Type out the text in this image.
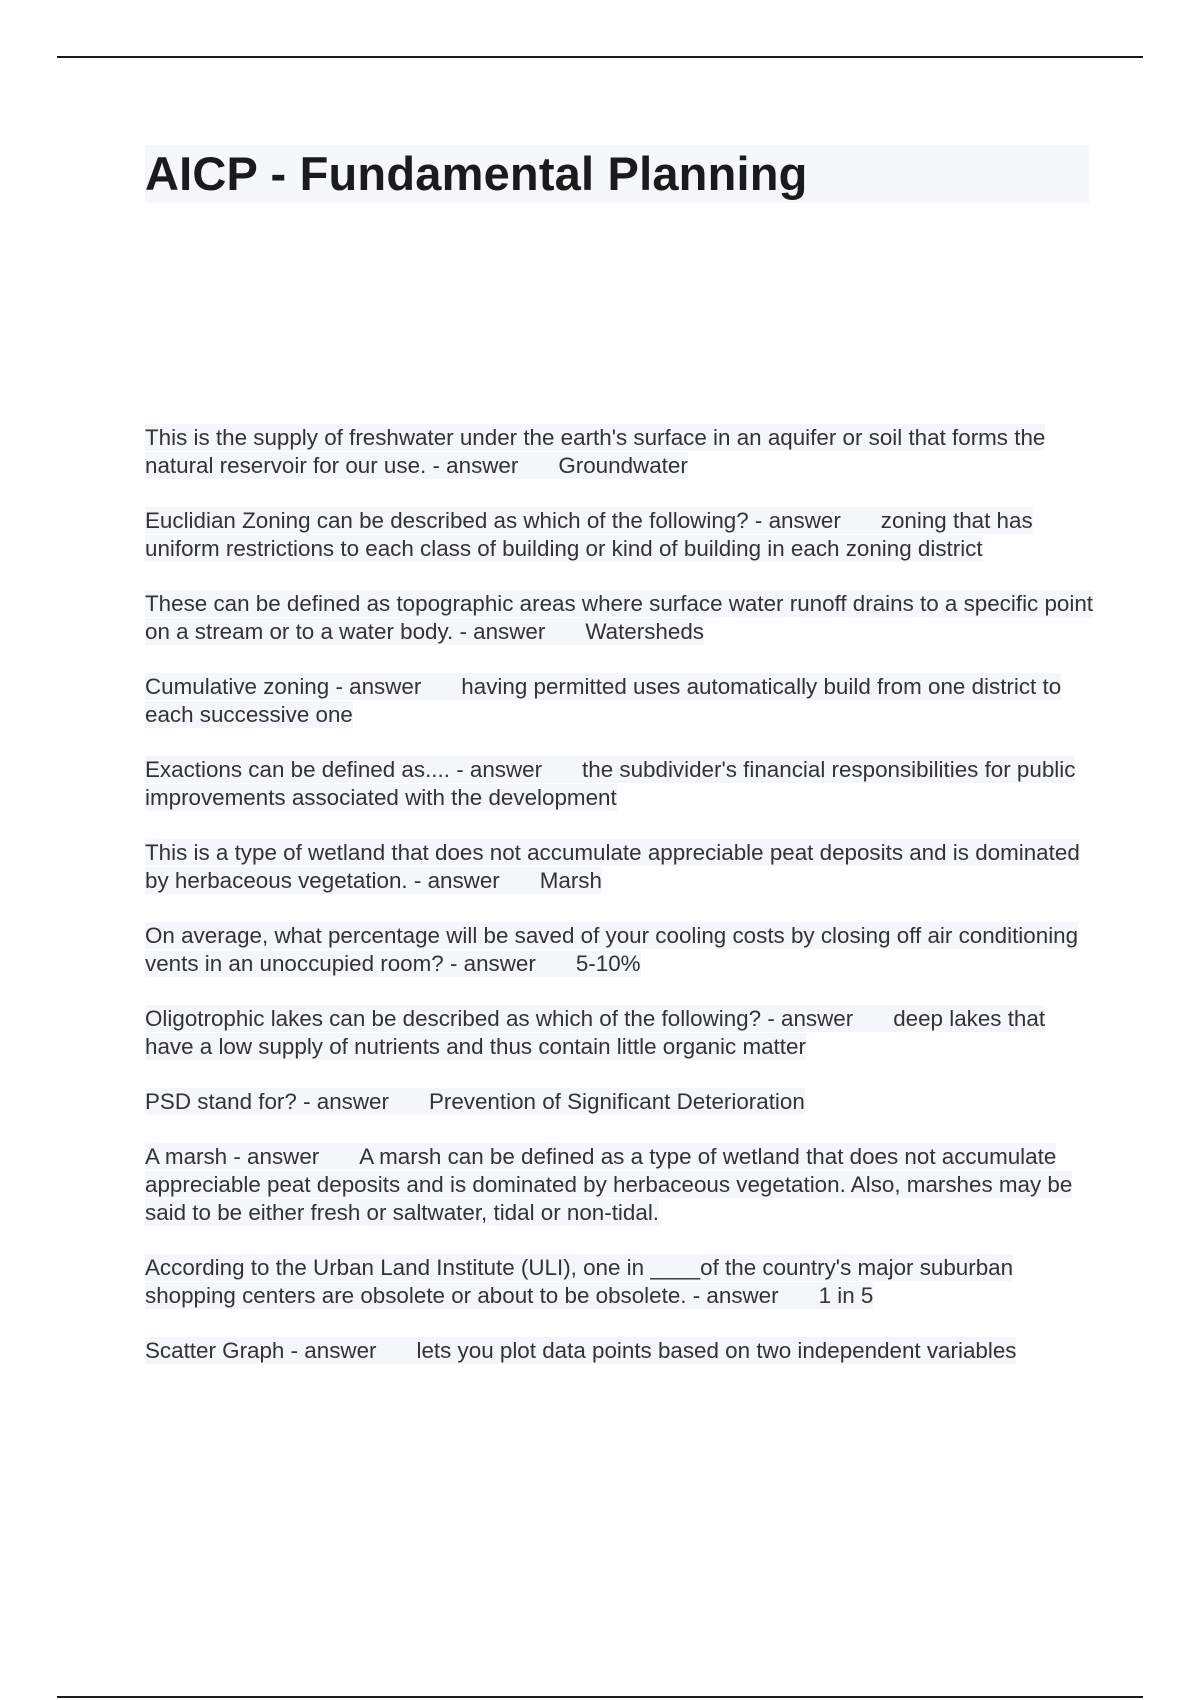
AICP - Fundamental Planning

This is the supply of freshwater under the earth's surface in an aquifer or soil that forms the natural reservoir for our use. - answer Groundwater

Euclidian Zoning can be described as which of the following? - answer zoning that has uniform restrictions to each class of building or kind of building in each zoning district

These can be defined as topographic areas where surface water runoff drains to a specific point on a stream or to a water body. - answer Watersheds

Cumulative zoning - answer having permitted uses automatically build from one district to each successive one

Exactions can be defined as.... - answer the subdivider's financial responsibilities for public improvements associated with the development

This is a type of wetland that does not accumulate appreciable peat deposits and is dominated by herbaceous vegetation. - answer Marsh

On average, what percentage will be saved of your cooling costs by closing off air conditioning vents in an unoccupied room? - answer 5-10%

Oligotrophic lakes can be described as which of the following? - answer deep lakes that have a low supply of nutrients and thus contain little organic matter

PSD stand for? - answer Prevention of Significant Deterioration

A marsh - answer A marsh can be defined as a type of wetland that does not accumulate appreciable peat deposits and is dominated by herbaceous vegetation. Also, marshes may be said to be either fresh or saltwater, tidal or non-tidal.

According to the Urban Land Institute (ULI), one in ____of the country's major suburban shopping centers are obsolete or about to be obsolete. - answer 1 in 5

Scatter Graph - answer lets you plot data points based on two independent variables
